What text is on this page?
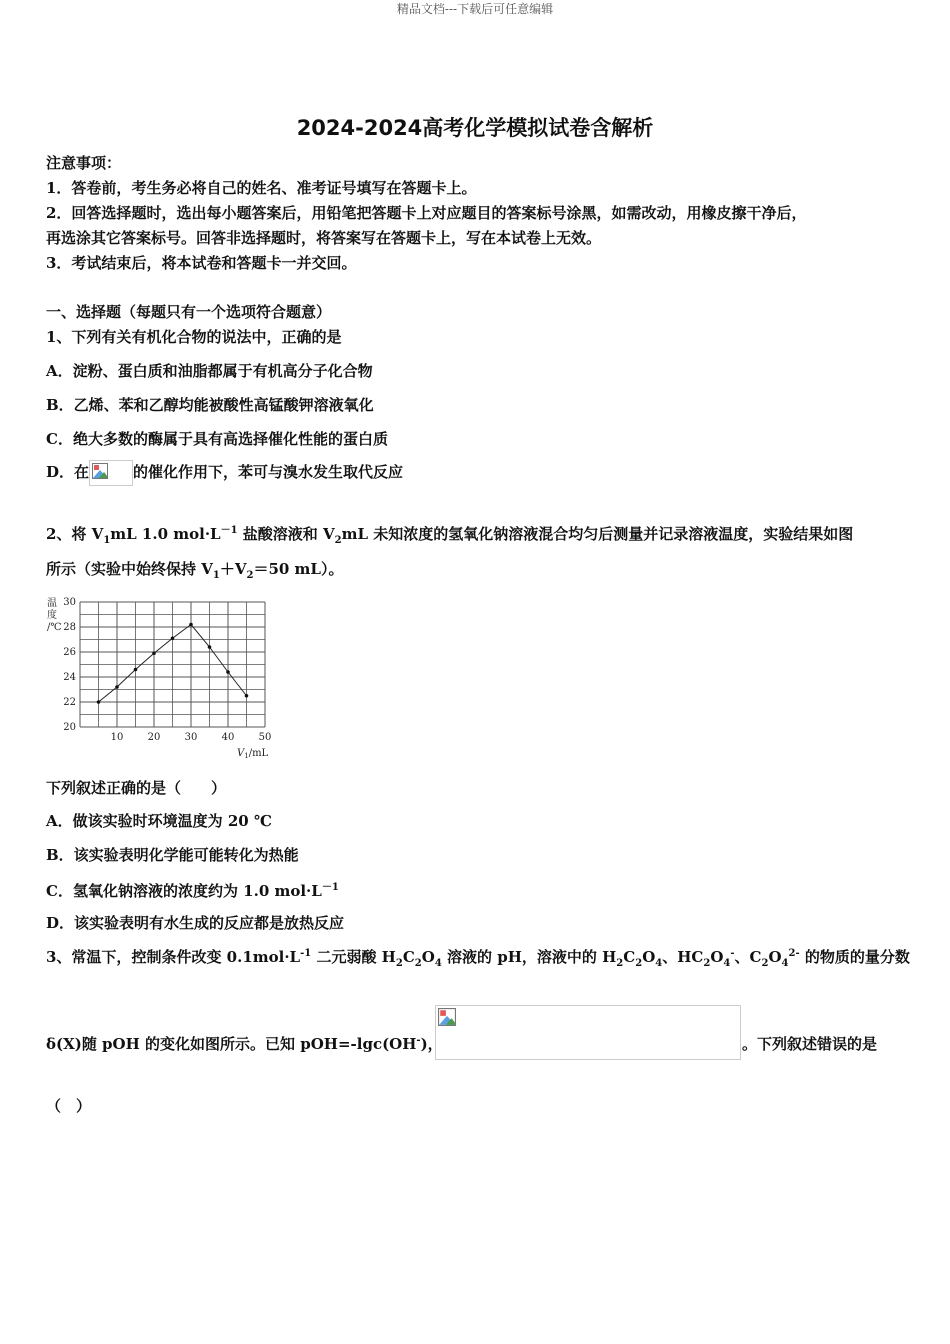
精品文档---下载后可任意编辑
2024-2024高考化学模拟试卷含解析
注意事项：
1．答卷前，考生务必将自己的姓名、准考证号填写在答题卡上。
2．回答选择题时，选出每小题答案后，用铅笔把答题卡上对应题目的答案标号涂黑，如需改动，用橡皮擦干净后，
再选涂其它答案标号。回答非选择题时，将答案写在答题卡上，写在本试卷上无效。
3．考试结束后，将本试卷和答题卡一并交回。
一、选择题（每题只有一个选项符合题意）
1、下列有关有机化合物的说法中，正确的是
A．淀粉、蛋白质和油脂都属于有机高分子化合物
B．乙烯、苯和乙醇均能被酸性高锰酸钾溶液氧化
C．绝大多数的酶属于具有高选择催化性能的蛋白质
D．在	的催化作用下，苯可与溴水发生取代反应
2、将 $V_1mL$ 1.0 $mol\cdot L^{-1}$ 盐酸溶液和 $V_2mL$ 未知浓度的氢氧化钠溶液混合均匀后测量并记录溶液温度，实验结果如图
所示（实验中始终保持 $V_1+V_2=50$ mL）。
20
22
24
26
28
30
10 20 30 40 50
温
度
/℃
$V_1/mL$
下列叙述正确的是（　　）
A．做该实验时环境温度为 20 ℃
B．该实验表明化学能可能转化为热能
C．氢氧化钠溶液的浓度约为 1.0 $mol\cdot L^{-1}$
D．该实验表明有水生成的反应都是放热反应
3、常温下，控制条件改变 $0.1mol\cdot L^{-1}$ 二元弱酸 $H_2C_2O_4$ 溶液的 pH，溶液中的 $H_2C_2O_4$、$HC_2O_4^-$、$C_2O_4^{2-}$ 的物质的量分数
δ(X)随 pOH 的变化如图所示。已知 pOH=-lgc(OH-)，	。下列叙述错误的是
（　）
